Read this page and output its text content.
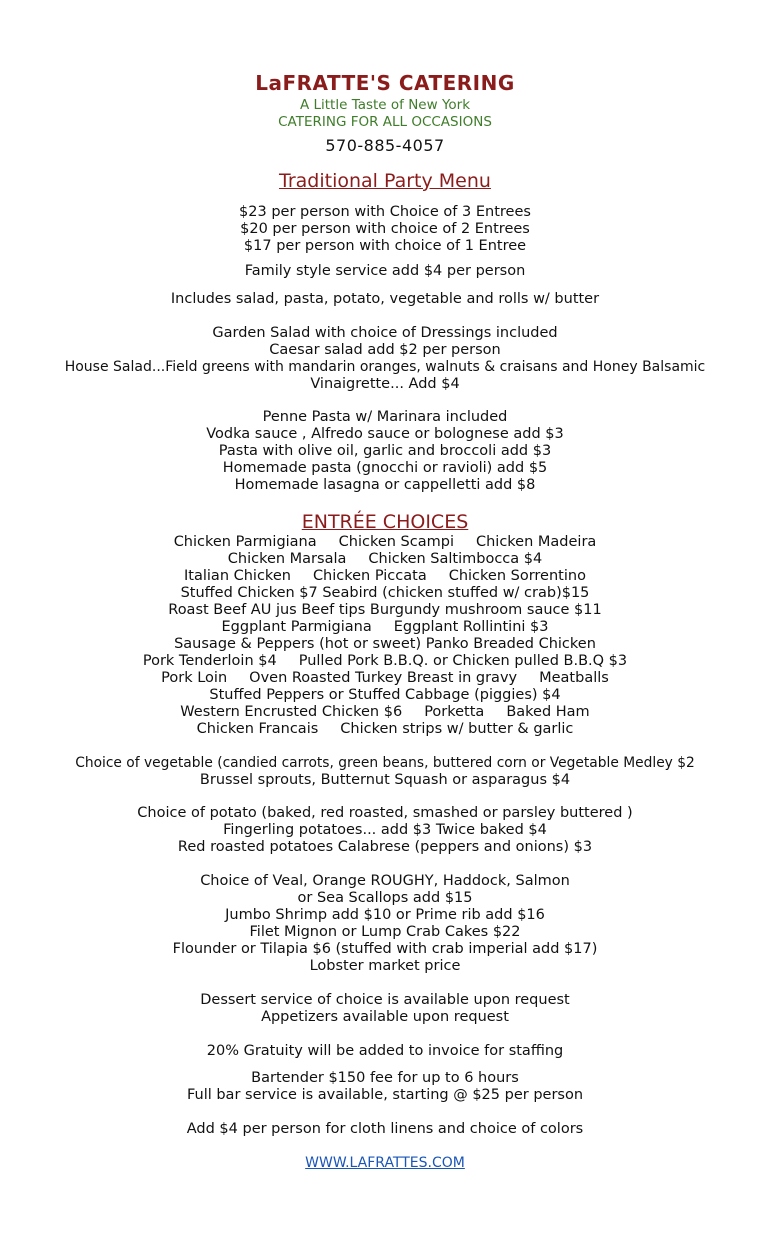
LaFRATTE'S CATERING
A Little Taste of New York
CATERING FOR ALL OCCASIONS
570-885-4057
Traditional Party Menu
$23 per person with Choice of 3 Entrees
$20 per person with choice of 2 Entrees
$17 per person with choice of 1 Entree
Family style service add $4 per person
Includes salad, pasta, potato, vegetable and rolls w/ butter
Garden Salad with choice of Dressings included
Caesar salad add $2 per person
House Salad...Field greens with mandarin oranges, walnuts & craisans and Honey Balsamic
Vinaigrette... Add $4
Penne Pasta w/ Marinara included
Vodka sauce , Alfredo sauce or bolognese add $3
Pasta with olive oil, garlic and broccoli add $3
Homemade pasta (gnocchi or ravioli) add $5
Homemade lasagna or cappelletti add $8
ENTRÉE CHOICES
Chicken Parmigiana Chicken Scampi Chicken Madeira
Chicken Marsala Chicken Saltimbocca $4
Italian Chicken Chicken Piccata Chicken Sorrentino
Stuffed Chicken $7 Seabird (chicken stuffed w/ crab)$15
Roast Beef AU jus Beef tips Burgundy mushroom sauce $11
Eggplant Parmigiana Eggplant Rollintini $3
Sausage & Peppers (hot or sweet) Panko Breaded Chicken
Pork Tenderloin $4 Pulled Pork B.B.Q. or Chicken pulled B.B.Q $3
Pork Loin Oven Roasted Turkey Breast in gravy Meatballs
Stuffed Peppers or Stuffed Cabbage (piggies) $4
Western Encrusted Chicken $6 Porketta Baked Ham
Chicken Francais Chicken strips w/ butter & garlic
Choice of vegetable (candied carrots, green beans, buttered corn or Vegetable Medley $2
Brussel sprouts, Butternut Squash or asparagus $4
Choice of potato (baked, red roasted, smashed or parsley buttered )
Fingerling potatoes... add $3 Twice baked $4
Red roasted potatoes Calabrese (peppers and onions) $3
Choice of Veal, Orange ROUGHY, Haddock, Salmon
or Sea Scallops add $15
Jumbo Shrimp add $10 or Prime rib add $16
Filet Mignon or Lump Crab Cakes $22
Flounder or Tilapia $6 (stuffed with crab imperial add $17)
Lobster market price
Dessert service of choice is available upon request
Appetizers available upon request
20% Gratuity will be added to invoice for staffing
Bartender $150 fee for up to 6 hours
Full bar service is available, starting @ $25 per person
Add $4 per person for cloth linens and choice of colors
WWW.LAFRATTES.COM
